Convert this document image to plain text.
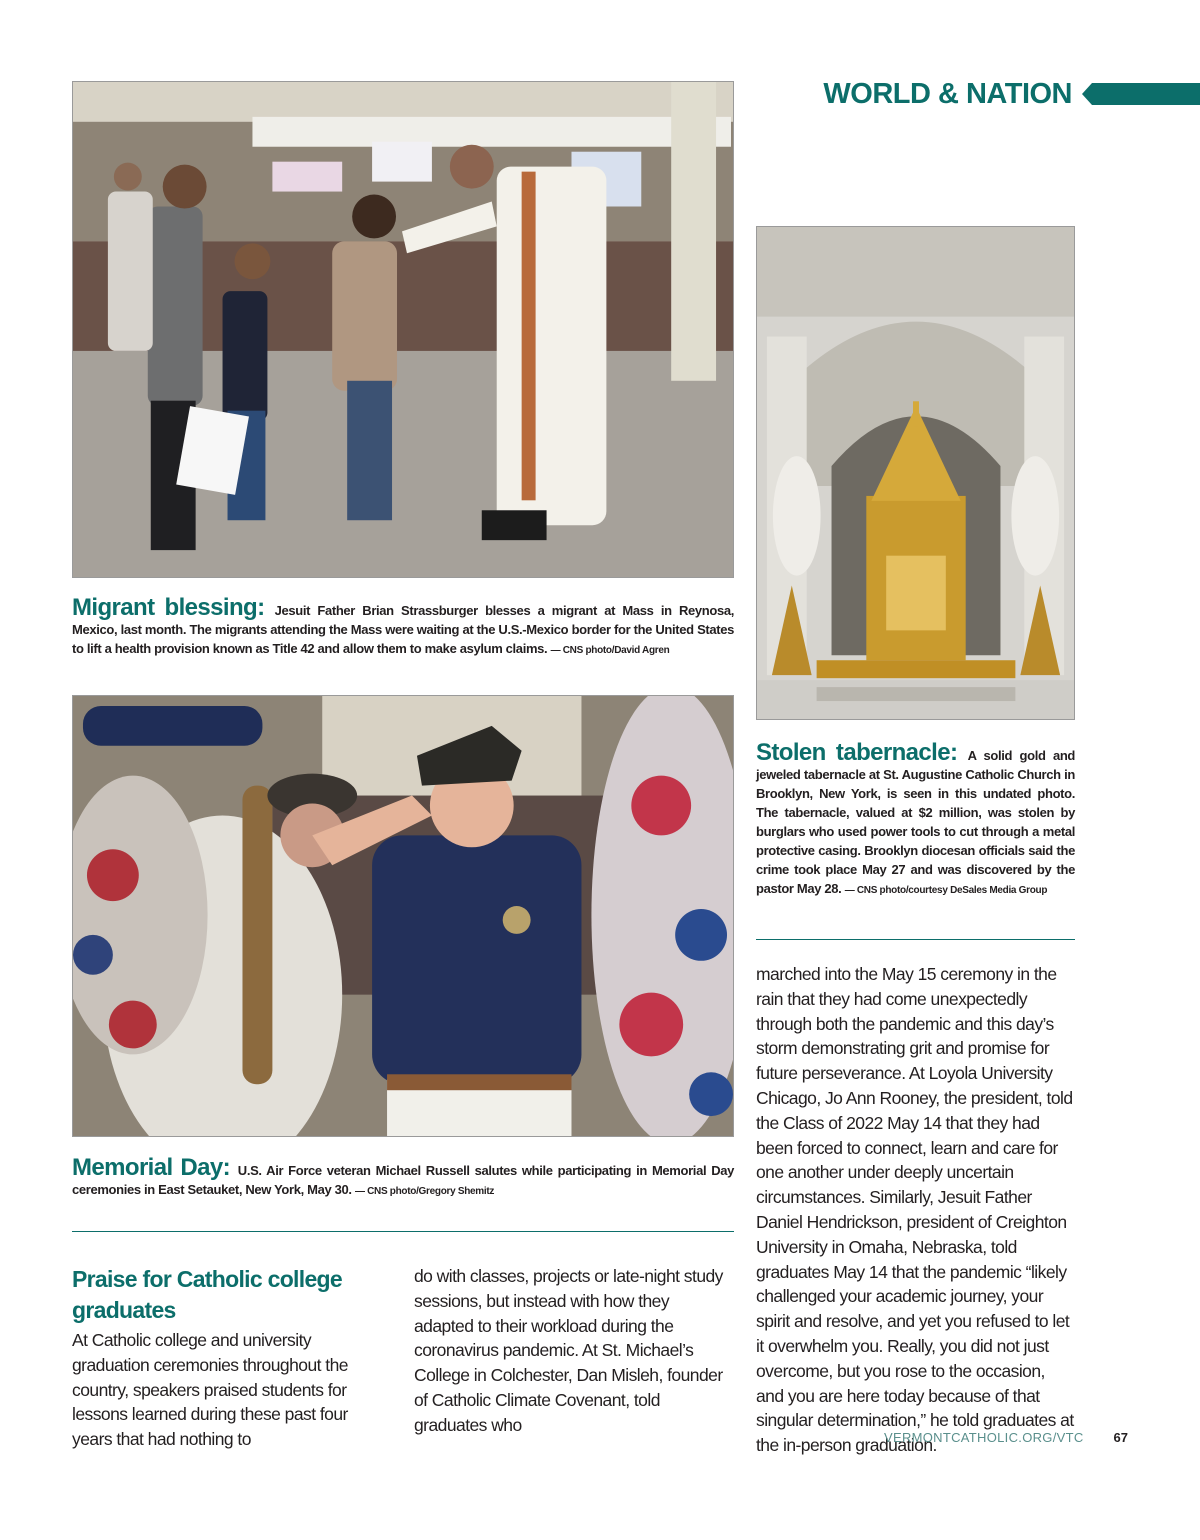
WORLD & NATION
Migrant blessing: Jesuit Father Brian Strassburger blesses a migrant at Mass in Reynosa, Mexico, last month. The migrants attending the Mass were waiting at the U.S.-Mexico border for the United States to lift a health provision known as Title 42 and allow them to make asylum claims. — CNS photo/David Agren
Stolen tabernacle: A solid gold and jeweled tabernacle at St. Augustine Catholic Church in Brooklyn, New York, is seen in this undated photo. The tabernacle, valued at $2 million, was stolen by burglars who used power tools to cut through a metal protective casing. Brooklyn diocesan officials said the crime took place May 27 and was discovered by the pastor May 28. — CNS photo/courtesy DeSales Media Group
Memorial Day: U.S. Air Force veteran Michael Russell salutes while participating in Memorial Day ceremonies in East Setauket, New York, May 30. — CNS photo/Gregory Shemitz
Praise for Catholic college graduates
At Catholic college and university graduation ceremonies throughout the country, speakers praised students for lessons learned during these past four years that had nothing to
do with classes, projects or late-night study sessions, but instead with how they adapted to their workload during the coronavirus pandemic. At St. Michael’s College in Colchester, Dan Misleh, founder of Catholic Climate Covenant, told graduates who
marched into the May 15 ceremony in the rain that they had come unexpectedly through both the pandemic and this day’s storm demonstrating grit and promise for future perseverance. At Loyola University Chicago, Jo Ann Rooney, the president, told the Class of 2022 May 14 that they had been forced to connect, learn and care for one another under deeply uncertain circumstances. Similarly, Jesuit Father Daniel Hendrickson, president of Creighton University in Omaha, Nebraska, told graduates May 14 that the pandemic “likely challenged your academic journey, your spirit and resolve, and yet you refused to let it overwhelm you. Really, you did not just overcome, but you rose to the occasion, and you are here today because of that singular determination,” he told graduates at the in-person graduation.
VERMONTCATHOLIC.ORG/VTC 67
